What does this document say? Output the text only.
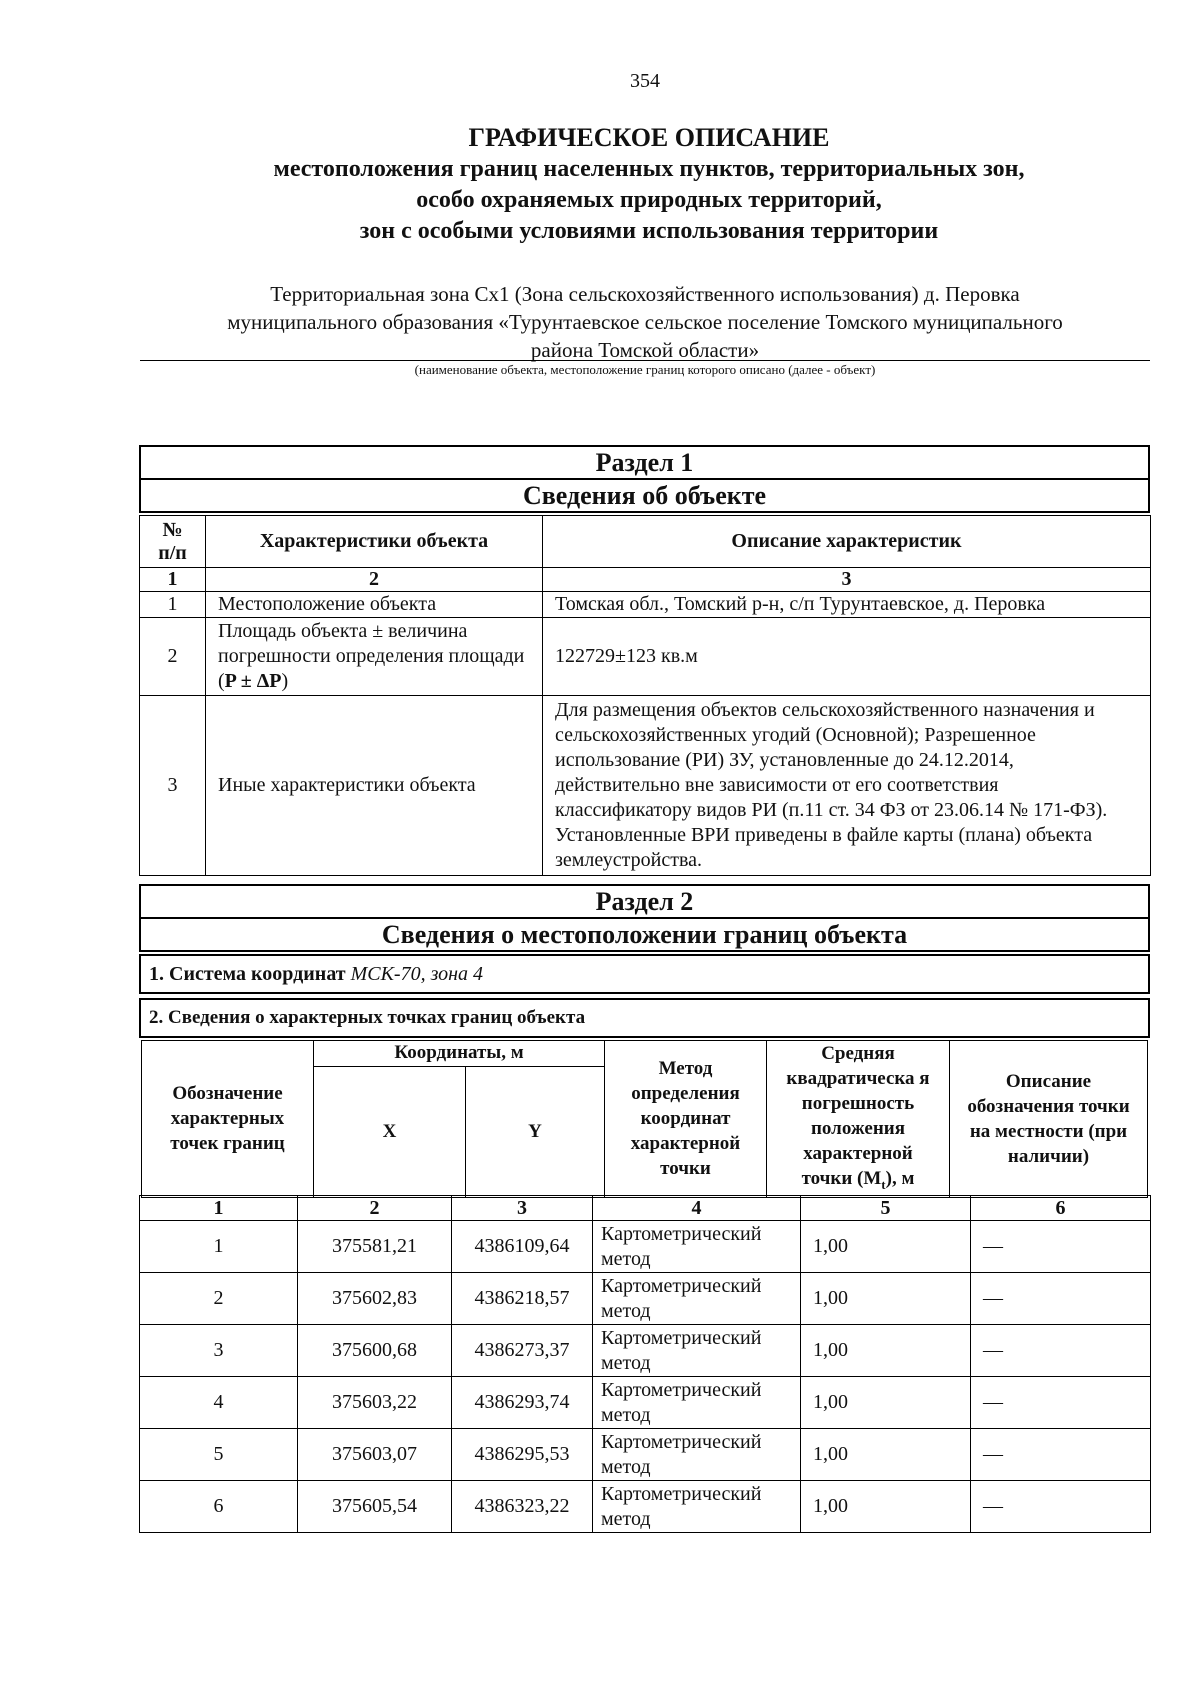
354
ГРАФИЧЕСКОЕ ОПИСАНИЕ
местоположения границ населенных пунктов, территориальных зон,
особо охраняемых природных территорий,
зон с особыми условиями использования территории
Территориальная зона Сх1 (Зона сельскохозяйственного использования) д. Перовка
муниципального образования «Турунтаевское сельское поселение Томского муниципального
района Томской области»
(наименование объекта, местоположение границ которого описано (далее - объект)
Раздел 1
Сведения об объекте
№ п/п	Характеристики объекта	Описание характеристик
1	2	3
1	Местоположение объекта	Томская обл., Томский р-н, с/п Турунтаевское, д. Перовка
2	Площадь объекта ± величина погрешности определения площади (P ± ΔP)	122729±123 кв.м
3	Иные характеристики объекта	Для размещения объектов сельскохозяйственного назначения и сельскохозяйственных угодий (Основной); Разрешенное использование (РИ) ЗУ, установленные до 24.12.2014, действительно вне зависимости от его соответствия классификатору видов РИ (п.11 ст. 34 ФЗ от 23.06.14 № 171-ФЗ). Установленные ВРИ приведены в файле карты (плана) объекта землеустройства.
Раздел 2
Сведения о местоположении границ объекта
1. Система координат МСК-70, зона 4
2. Сведения о характерных точках границ объекта
Обозначение характерных точек границ	Координаты, м		Метод определения координат характерной точки	Средняя квадратическа я погрешность положения характерной точки $(M_t)$, м	Описание обозначения точки на местности (при наличии)
	X	Y			
1	2	3	4	5	6
1	375581,21	4386109,64	Картометрический метод	1,00	—
2	375602,83	4386218,57	Картометрический метод	1,00	—
3	375600,68	4386273,37	Картометрический метод	1,00	—
4	375603,22	4386293,74	Картометрический метод	1,00	—
5	375603,07	4386295,53	Картометрический метод	1,00	—
6	375605,54	4386323,22	Картометрический метод	1,00	—
